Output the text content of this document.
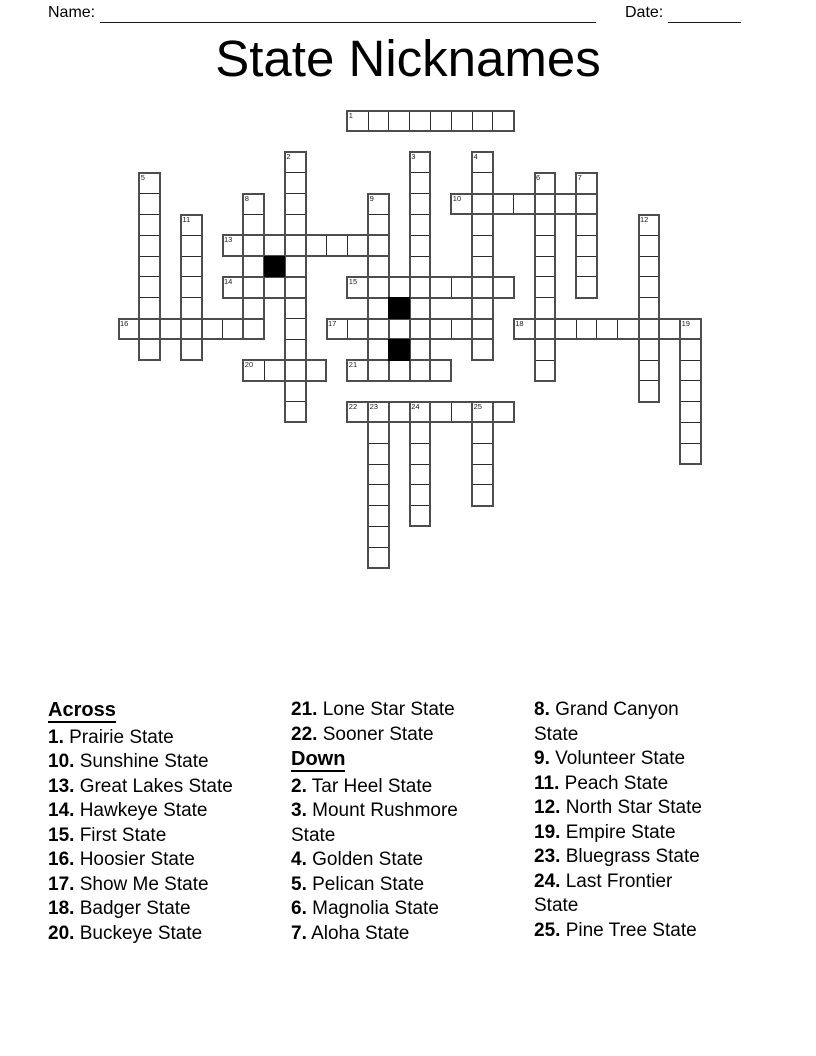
Name:	Date:
State Nicknames
1
10
13
14	15
16	17	18
20	21
22
2	3	4
5	6	7
8	9
11	12
19
23	24	25
Across
1. Prairie State
10. Sunshine State
13. Great Lakes State
14. Hawkeye State
15. First State
16. Hoosier State
17. Show Me State
18. Badger State
20. Buckeye State
21. Lone Star State
22. Sooner State
Down
2. Tar Heel State
3. Mount Rushmore State
4. Golden State
5. Pelican State
6. Magnolia State
7. Aloha State
8. Grand Canyon State
9. Volunteer State
11. Peach State
12. North Star State
19. Empire State
23. Bluegrass State
24. Last Frontier State
25. Pine Tree State
